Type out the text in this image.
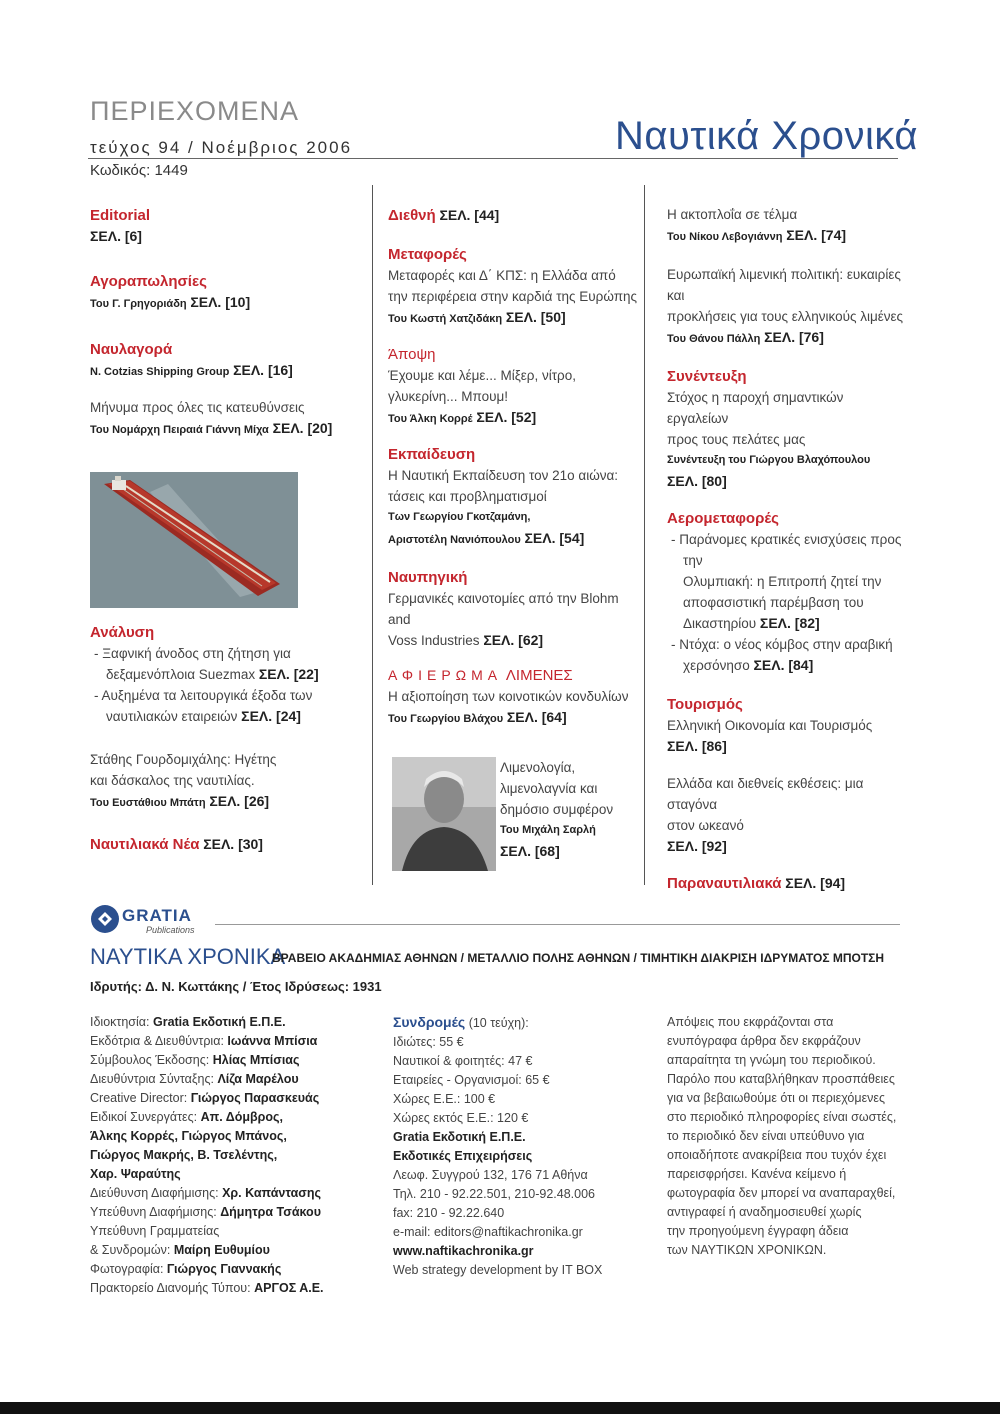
ΠΕΡΙΕΧΟΜΕΝΑ
τεύχος 94 / Νοέμβριος 2006
Κωδικός: 1449
Ναυτικά Χρονικά
Editorial
ΣΕΛ. [6]
Αγοραπωλησίες
Του Γ. Γρηγοριάδη ΣΕΛ. [10]
Ναυλαγορά
N. Cotzias Shipping Group ΣΕΛ. [16]
Μήνυμα προς όλες τις κατευθύνσεις
Του Νομάρχη Πειραιά Γιάννη Μίχα ΣΕΛ. [20]
Ανάλυση
- Ξαφνική άνοδος στη ζήτηση για
δεξαμενόπλοια Suezmax ΣΕΛ. [22]
- Αυξημένα τα λειτουργικά έξοδα των
ναυτιλιακών εταιρειών ΣΕΛ. [24]
Στάθης Γουρδομιχάλης: Ηγέτης
και δάσκαλος της ναυτιλίας.
Του Ευστάθιου Μπάτη ΣΕΛ. [26]
Ναυτιλιακά Νέα ΣΕΛ. [30]
Διεθνή ΣΕΛ. [44]
Μεταφορές
Μεταφορές και Δ΄ ΚΠΣ: η Ελλάδα από
την περιφέρεια στην καρδιά της Ευρώπης
Του Κωστή Χατζιδάκη ΣΕΛ. [50]
Άποψη
Έχουμε και λέμε... Μίξερ, νίτρο,
γλυκερίνη... Μπουμ!
Του Άλκη Κορρέ ΣΕΛ. [52]
Εκπαίδευση
Η Ναυτική Εκπαίδευση τον 21ο αιώνα:
τάσεις και προβληματισμοί
Των Γεωργίου Γκοτζαμάνη,
Αριστοτέλη Νανιόπουλου ΣΕΛ. [54]
Ναυπηγική
Γερμανικές καινοτομίες από την Blohm and
Voss Industries ΣΕΛ. [62]
ΑΦΙΕΡΩΜΑ ΛΙΜΕΝΕΣ
Η αξιοποίηση των κοινοτικών κονδυλίων
Του Γεωργίου Βλάχου ΣΕΛ. [64]
Λιμενολογία,
λιμενολαγνία και
δημόσιο συμφέρον
Του Μιχάλη Σαρλή
ΣΕΛ. [68]
Η ακτοπλοΐα σε τέλμα
Του Νίκου Λεβογιάννη ΣΕΛ. [74]
Ευρωπαϊκή λιμενική πολιτική: ευκαιρίες και
προκλήσεις για τους ελληνικούς λιμένες
Του Θάνου Πάλλη ΣΕΛ. [76]
Συνέντευξη
Στόχος η παροχή σημαντικών εργαλείων
προς τους πελάτες μας
Συνέντευξη του Γιώργου Βλαχόπουλου
ΣΕΛ. [80]
Αερομεταφορές
- Παράνομες κρατικές ενισχύσεις προς την
Ολυμπιακή: η Επιτροπή ζητεί την
αποφασιστική παρέμβαση του
Δικαστηρίου ΣΕΛ. [82]
- Ντόχα: ο νέος κόμβος στην αραβική
χερσόνησο ΣΕΛ. [84]
Τουρισμός
Ελληνική Οικονομία και Τουρισμός
ΣΕΛ. [86]
Ελλάδα και διεθνείς εκθέσεις: μια σταγόνα
στον ωκεανό
ΣΕΛ. [92]
Παραναυτιλιακά ΣΕΛ. [94]
GRATIA
Publications
ΝΑΥΤΙΚΑ ΧΡΟΝΙΚΑ
ΒΡΑΒΕΙΟ ΑΚΑΔΗΜΙΑΣ ΑΘΗΝΩΝ / ΜΕΤΑΛΛΙΟ ΠΟΛΗΣ ΑΘΗΝΩΝ / ΤΙΜΗΤΙΚΗ ΔΙΑΚΡΙΣΗ ΙΔΡΥΜΑΤΟΣ ΜΠΟΤΣΗ
Ιδρυτής: Δ. Ν. Κωττάκης / Έτος Ιδρύσεως: 1931
Ιδιοκτησία: Gratia Εκδοτική Ε.Π.Ε.
Εκδότρια & Διευθύντρια: Ιωάννα Μπίσια
Σύμβουλος Έκδοσης: Ηλίας Μπίσιας
Διευθύντρια Σύνταξης: Λίζα Μαρέλου
Creative Director: Γιώργος Παρασκευάς
Ειδικοί Συνεργάτες: Απ. Δόμβρος,
Άλκης Κορρές, Γιώργος Μπάνος,
Γιώργος Μακρής, Β. Τσελέντης,
Χαρ. Ψαραύτης
Διεύθυνση Διαφήμισης: Χρ. Καπάντασης
Υπεύθυνη Διαφήμισης: Δήμητρα Τσάκου
Υπεύθυνη Γραμματείας
& Συνδρομών: Μαίρη Ευθυμίου
Φωτογραφία: Γιώργος Γιαννακής
Πρακτορείο Διανομής Τύπου: ΑΡΓΟΣ Α.Ε.
Συνδρομές (10 τεύχη):
Ιδιώτες: 55 €
Ναυτικοί & φοιτητές: 47 €
Εταιρείες - Οργανισμοί: 65 €
Χώρες Ε.Ε.: 100 €
Χώρες εκτός Ε.Ε.: 120 €
Gratia Εκδοτική Ε.Π.Ε.
Εκδοτικές Επιχειρήσεις
Λεωφ. Συγγρού 132, 176 71 Αθήνα
Τηλ. 210 - 92.22.501, 210-92.48.006
fax: 210 - 92.22.640
e-mail: editors@naftikachronika.gr
www.naftikachronika.gr
Web strategy development by IT BOX
Απόψεις που εκφράζονται στα
ενυπόγραφα άρθρα δεν εκφράζουν
απαραίτητα τη γνώμη του περιοδικού.
Παρόλο που καταβλήθηκαν προσπάθειες
για να βεβαιωθούμε ότι οι περιεχόμενες
στο περιοδικό πληροφορίες είναι σωστές,
το περιοδικό δεν είναι υπεύθυνο για
οποιαδήποτε ανακρίβεια που τυχόν έχει
παρεισφρήσει. Κανένα κείμενο ή
φωτογραφία δεν μπορεί να αναπαραχθεί,
αντιγραφεί ή αναδημοσιευθεί χωρίς
την προηγούμενη έγγραφη άδεια
των ΝΑΥΤΙΚΩΝ ΧΡΟΝΙΚΩΝ.
